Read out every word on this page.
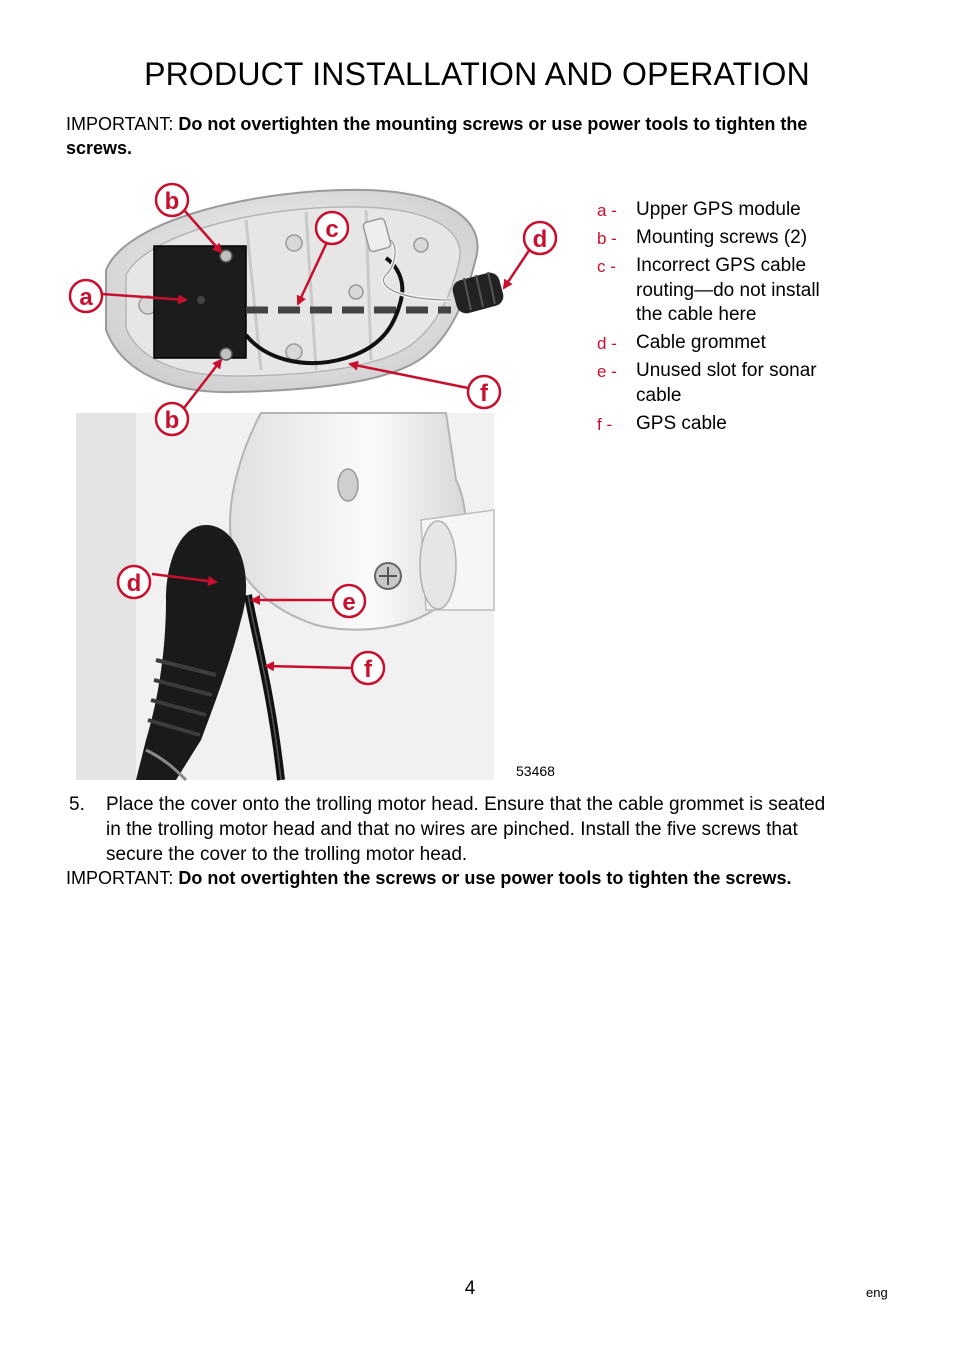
PRODUCT INSTALLATION AND OPERATION
IMPORTANT: Do not overtighten the mounting screws or use power tools to tighten the screws.
a
b
b
c	d
f
d
e
f
53468
a - Upper GPS module
b - Mounting screws (2)
c - Incorrect GPS cable routing—do not install the cable here
d - Cable grommet
e - Unused slot for sonar cable
f - GPS cable
5.	Place the cover onto the trolling motor head. Ensure that the cable grommet is seated in the trolling motor head and that no wires are pinched. Install the five screws that secure the cover to the trolling motor head.
IMPORTANT: Do not overtighten the screws or use power tools to tighten the screws.
4	eng
